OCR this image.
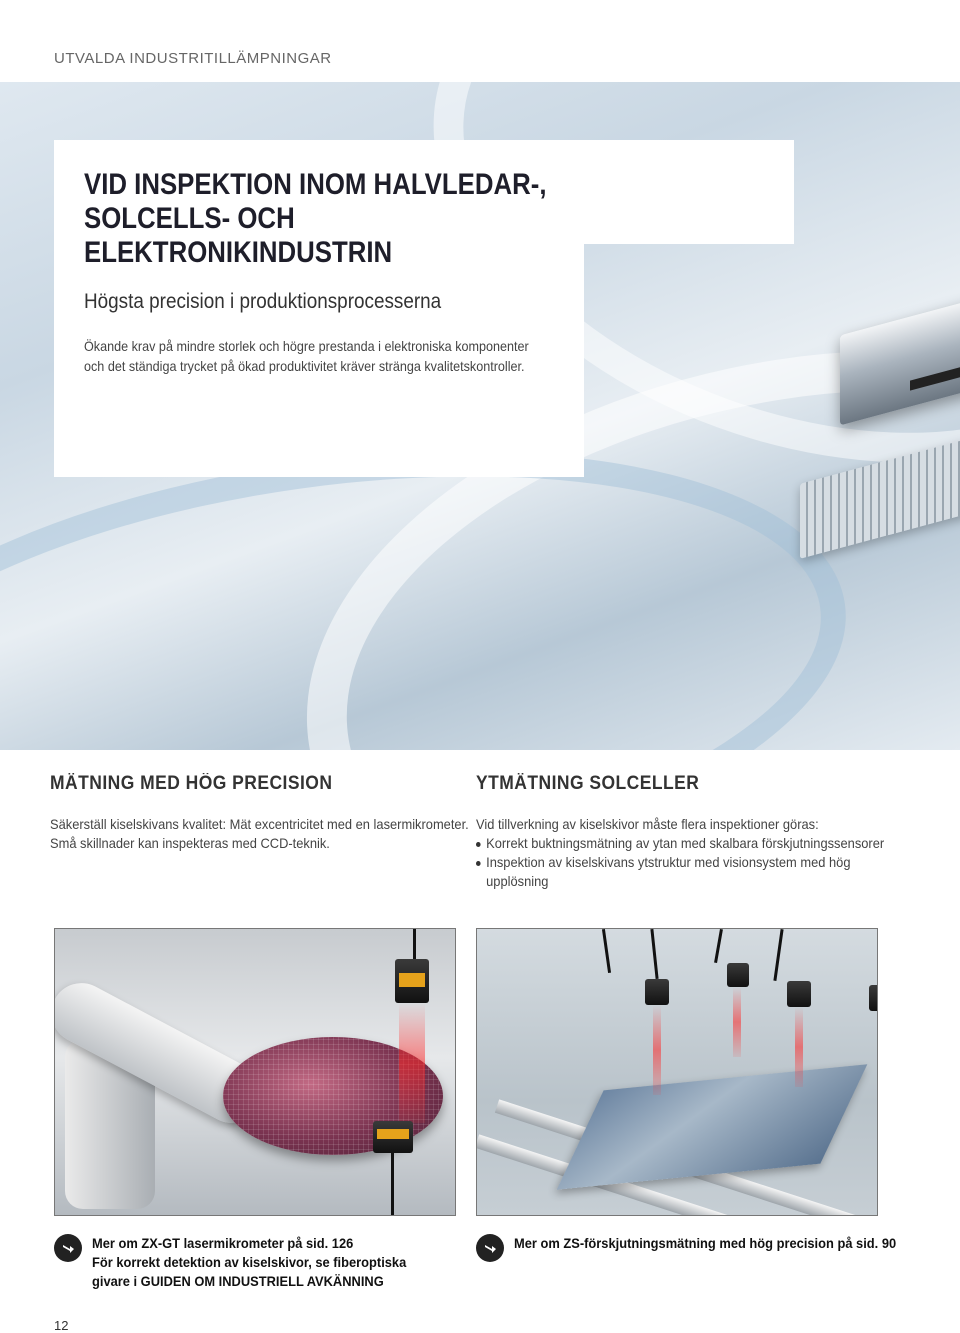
UTVALDA INDUSTRITILLÄMPNINGAR
VID INSPEKTION INOM HALVLEDAR-, SOLCELLS- OCH
ELEKTRONIKINDUSTRIN
Högsta precision i produktionsprocesserna
Ökande krav på mindre storlek och högre prestanda i elektroniska komponenter
och det ständiga trycket på ökad produktivitet kräver stränga kvalitetskontroller.
MÄTNING MED HÖG PRECISION
Säkerställ kiselskivans kvalitet: Mät excentricitet med en lasermikrometer.
Små skillnader kan inspekteras med CCD-teknik.
YTMÄTNING SOLCELLER
Vid tillverkning av kiselskivor måste flera inspektioner göras:
Korrekt buktningsmätning av ytan med skalbara förskjutningssensorer
Inspektion av kiselskivans ytstruktur med visionsystem med hög
upplösning
Mer om ZX-GT lasermikrometer på sid. 126
För korrekt detektion av kiselskivor, se fiberoptiska
givare i GUIDEN OM INDUSTRIELL AVKÄNNING
Mer om ZS-förskjutningsmätning med hög precision på sid. 90
12
